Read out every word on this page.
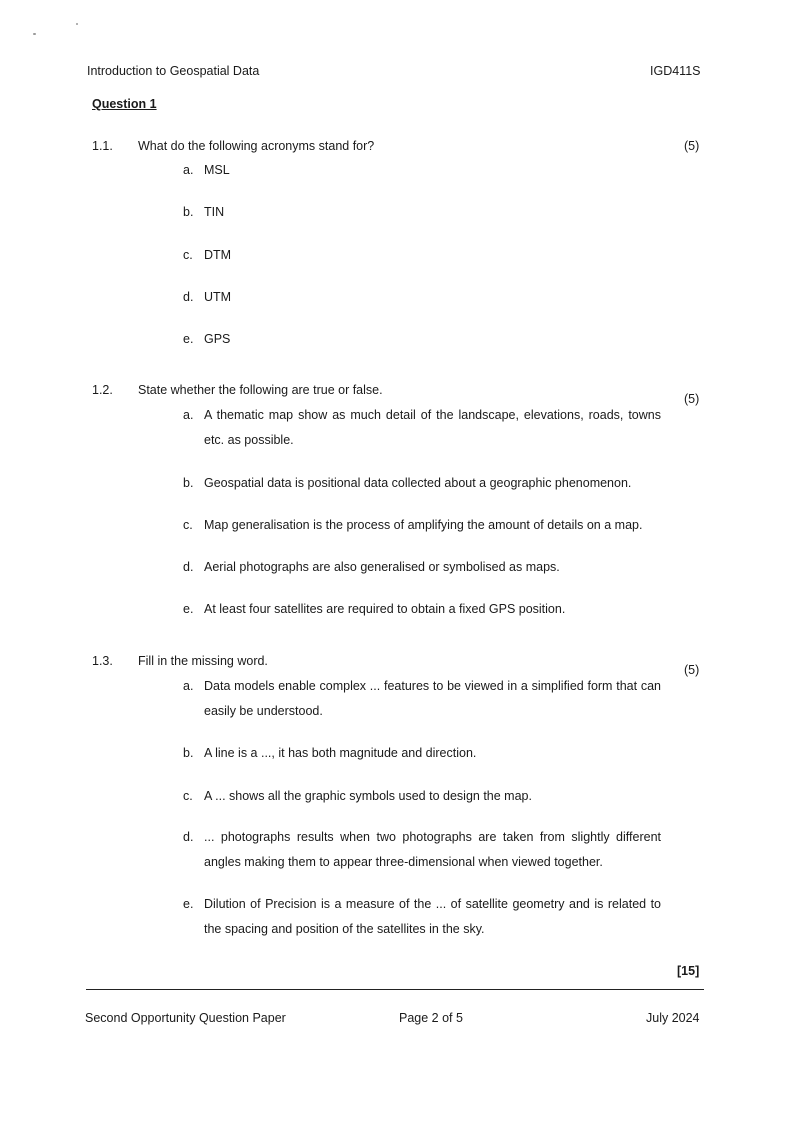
Introduction to Geospatial Data	IGD411S
Question 1
1.1. What do the following acronyms stand for?	(5)
a. MSL
b. TIN
c. DTM
d. UTM
e. GPS
1.2. State whether the following are true or false.
(5)
a. A thematic map show as much detail of the landscape, elevations, roads, towns etc. as possible.
b. Geospatial data is positional data collected about a geographic phenomenon.
c. Map generalisation is the process of amplifying the amount of details on a map.
d. Aerial photographs are also generalised or symbolised as maps.
e. At least four satellites are required to obtain a fixed GPS position.
1.3. Fill in the missing word.
(5)
a. Data models enable complex ... features to be viewed in a simplified form that can easily be understood.
b. A line is a ..., it has both magnitude and direction.
c. A ... shows all the graphic symbols used to design the map.
d. ... photographs results when two photographs are taken from slightly different angles making them to appear three-dimensional when viewed together.
e. Dilution of Precision is a measure of the ... of satellite geometry and is related to the spacing and position of the satellites in the sky.
[15]
Second Opportunity Question Paper	Page 2 of 5	July 2024
